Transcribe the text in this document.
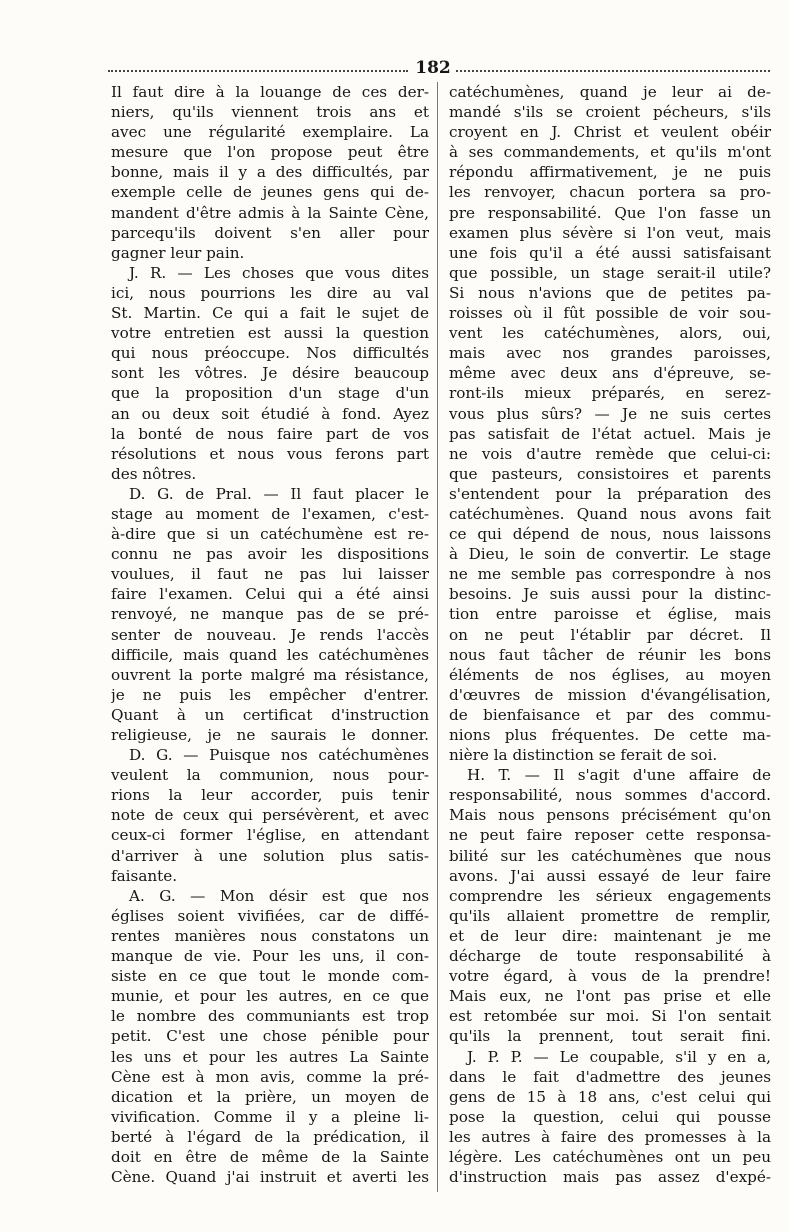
182
Il faut dire à la louange de ces der-
niers, qu'ils viennent trois ans et
avec une régularité exemplaire. La
mesure que l'on propose peut être
bonne, mais il y a des difficultés, par
exemple celle de jeunes gens qui de-
mandent d'être admis à la Sainte Cène,
parcequ'ils doivent s'en aller pour
gagner leur pain.
J. R. — Les choses que vous dites
ici, nous pourrions les dire au val
St. Martin. Ce qui a fait le sujet de
votre entretien est aussi la question
qui nous préoccupe. Nos difficultés
sont les vôtres. Je désire beaucoup
que la proposition d'un stage d'un
an ou deux soit étudié à fond. Ayez
la bonté de nous faire part de vos
résolutions et nous vous ferons part
des nôtres.
D. G. de Pral. — Il faut placer le
stage au moment de l'examen, c'est-
à-dire que si un catéchumène est re-
connu ne pas avoir les dispositions
voulues, il faut ne pas lui laisser
faire l'examen. Celui qui a été ainsi
renvoyé, ne manque pas de se pré-
senter de nouveau. Je rends l'accès
difficile, mais quand les catéchumènes
ouvrent la porte malgré ma résistance,
je ne puis les empêcher d'entrer.
Quant à un certificat d'instruction
religieuse, je ne saurais le donner.
D. G. — Puisque nos catéchumènes
veulent la communion, nous pour-
rions la leur accorder, puis tenir
note de ceux qui persévèrent, et avec
ceux-ci former l'église, en attendant
d'arriver à une solution plus satis-
faisante.
A. G. — Mon désir est que nos
églises soient vivifiées, car de diffé-
rentes manières nous constatons un
manque de vie. Pour les uns, il con-
siste en ce que tout le monde com-
munie, et pour les autres, en ce que
le nombre des communiants est trop
petit. C'est une chose pénible pour
les uns et pour les autres La Sainte
Cène est à mon avis, comme la pré-
dication et la prière, un moyen de
vivification. Comme il y a pleine li-
berté à l'égard de la prédication, il
doit en être de même de la Sainte
Cène. Quand j'ai instruit et averti les
catéchumènes, quand je leur ai de-
mandé s'ils se croient pécheurs, s'ils
croyent en J. Christ et veulent obéir
à ses commandements, et qu'ils m'ont
répondu affirmativement, je ne puis
les renvoyer, chacun portera sa pro-
pre responsabilité. Que l'on fasse un
examen plus sévère si l'on veut, mais
une fois qu'il a été aussi satisfaisant
que possible, un stage serait-il utile?
Si nous n'avions que de petites pa-
roisses où il fût possible de voir sou-
vent les catéchumènes, alors, oui,
mais avec nos grandes paroisses,
même avec deux ans d'épreuve, se-
ront-ils mieux préparés, en serez-
vous plus sûrs? — Je ne suis certes
pas satisfait de l'état actuel. Mais je
ne vois d'autre remède que celui-ci:
que pasteurs, consistoires et parents
s'entendent pour la préparation des
catéchumènes. Quand nous avons fait
ce qui dépend de nous, nous laissons
à Dieu, le soin de convertir. Le stage
ne me semble pas correspondre à nos
besoins. Je suis aussi pour la distinc-
tion entre paroisse et église, mais
on ne peut l'établir par décret. Il
nous faut tâcher de réunir les bons
éléments de nos églises, au moyen
d'œuvres de mission d'évangélisation,
de bienfaisance et par des commu-
nions plus fréquentes. De cette ma-
nière la distinction se ferait de soi.
H. T. — Il s'agit d'une affaire de
responsabilité, nous sommes d'accord.
Mais nous pensons précisément qu'on
ne peut faire reposer cette responsa-
bilité sur les catéchumènes que nous
avons. J'ai aussi essayé de leur faire
comprendre les sérieux engagements
qu'ils allaient promettre de remplir,
et de leur dire: maintenant je me
décharge de toute responsabilité à
votre égard, à vous de la prendre!
Mais eux, ne l'ont pas prise et elle
est retombée sur moi. Si l'on sentait
qu'ils la prennent, tout serait fini.
J. P. P. — Le coupable, s'il y en a,
dans le fait d'admettre des jeunes
gens de 15 à 18 ans, c'est celui qui
pose la question, celui qui pousse
les autres à faire des promesses à la
légère. Les catéchumènes ont un peu
d'instruction mais pas assez d'expé-
